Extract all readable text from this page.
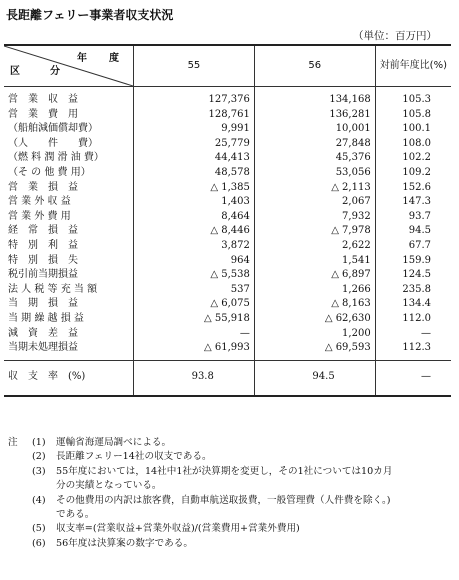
長距離フェリー事業者収支状況
（単位：百万円）
年　度
区　分	55	56	対前年度比(%)
営　業　収　益	127,376	134,168	105.3
営　業　費　用	128,761	136,281	105.8
（船舶減価償却費）	9,991	10,001	100.1
（人　　件　　費）	25,779	27,848	108.0
（燃 料 潤 滑 油 費）	44,413	45,376	102.2
（そ の 他 費 用）	48,578	53,056	109.2
営　業　損　益	△ 1,385	△ 2,113	152.6
営 業 外 収 益	1,403	2,067	147.3
営 業 外 費 用	8,464	7,932	93.7
経　常　損　益	△ 8,446	△ 7,978	94.5
特　別　利　益	3,872	2,622	67.7
特　別　損　失	964	1,541	159.9
税引前当期損益	△ 5,538	△ 6,897	124.5
法 人 税 等 充 当 額	537	1,266	235.8
当　期　損　益	△ 6,075	△ 8,163	134.4
当 期 繰 越 損 益	△ 55,918	△ 62,630	112.0
減　資　差　益	—	1,200	—
当期未処理損益	△ 61,993	△ 69,593	112.3
収　支　率　(%)	93.8	94.5	—
注	(1)	運輸省海運局調べによる。
(2)	長距離フェリー14社の収支である。
(3)	55年度においては，14社中1社が決算期を変更し，その1社については10カ月
分の実績となっている。
(4)	その他費用の内訳は旅客費，自動車航送取扱費，一般管理費（人件費を除く。)
である。
(5)	収支率=(営業収益+営業外収益)/(営業費用+営業外費用)
(6)	56年度は決算案の数字である。
